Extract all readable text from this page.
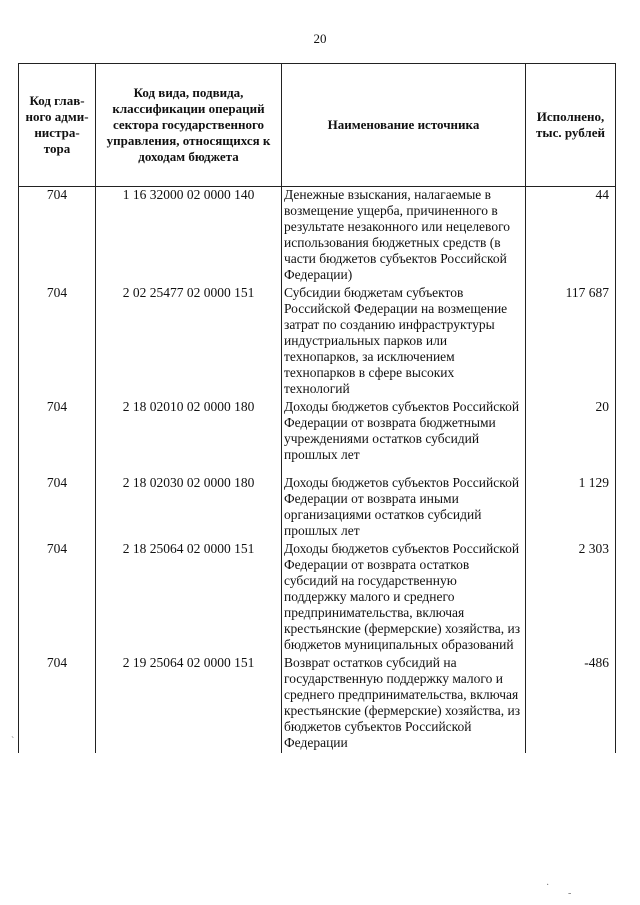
20
Код глав-ного адми-нистра-тора	Код вида, подвида, классификации операций сектора государственного управления, относящихся к доходам бюджета	Наименование источника	Исполнено, тыс. рублей
704	1 16 32000 02 0000 140	Денежные взыскания, налагаемые в возмещение ущерба, причиненного в результате незаконного или нецелевого использования бюджетных средств (в части бюджетов субъектов Российской Федерации)	44
704	2 02 25477 02 0000 151	Субсидии бюджетам субъектов Российской Федерации на возмещение затрат по созданию инфраструктуры индустриальных парков или технопарков, за исключением технопарков в сфере высоких технологий	117 687
704	2 18 02010 02 0000 180	Доходы бюджетов субъектов Российской Федерации от возврата бюджетными учреждениями остатков субсидий прошлых лет	20
704	2 18 02030 02 0000 180	Доходы бюджетов субъектов Российской Федерации от возврата иными организациями остатков субсидий прошлых лет	1 129
704	2 18 25064 02 0000 151	Доходы бюджетов субъектов Российской Федерации от возврата остатков субсидий на государственную поддержку малого и среднего предпринимательства, включая крестьянские (фермерские) хозяйства, из бюджетов муниципальных образований	2 303
704	2 19 25064 02 0000 151	Возврат остатков субсидий на государственную поддержку малого и среднего предпринимательства, включая крестьянские (фермерские) хозяйства, из бюджетов субъектов Российской Федерации	-486
`
·
-
